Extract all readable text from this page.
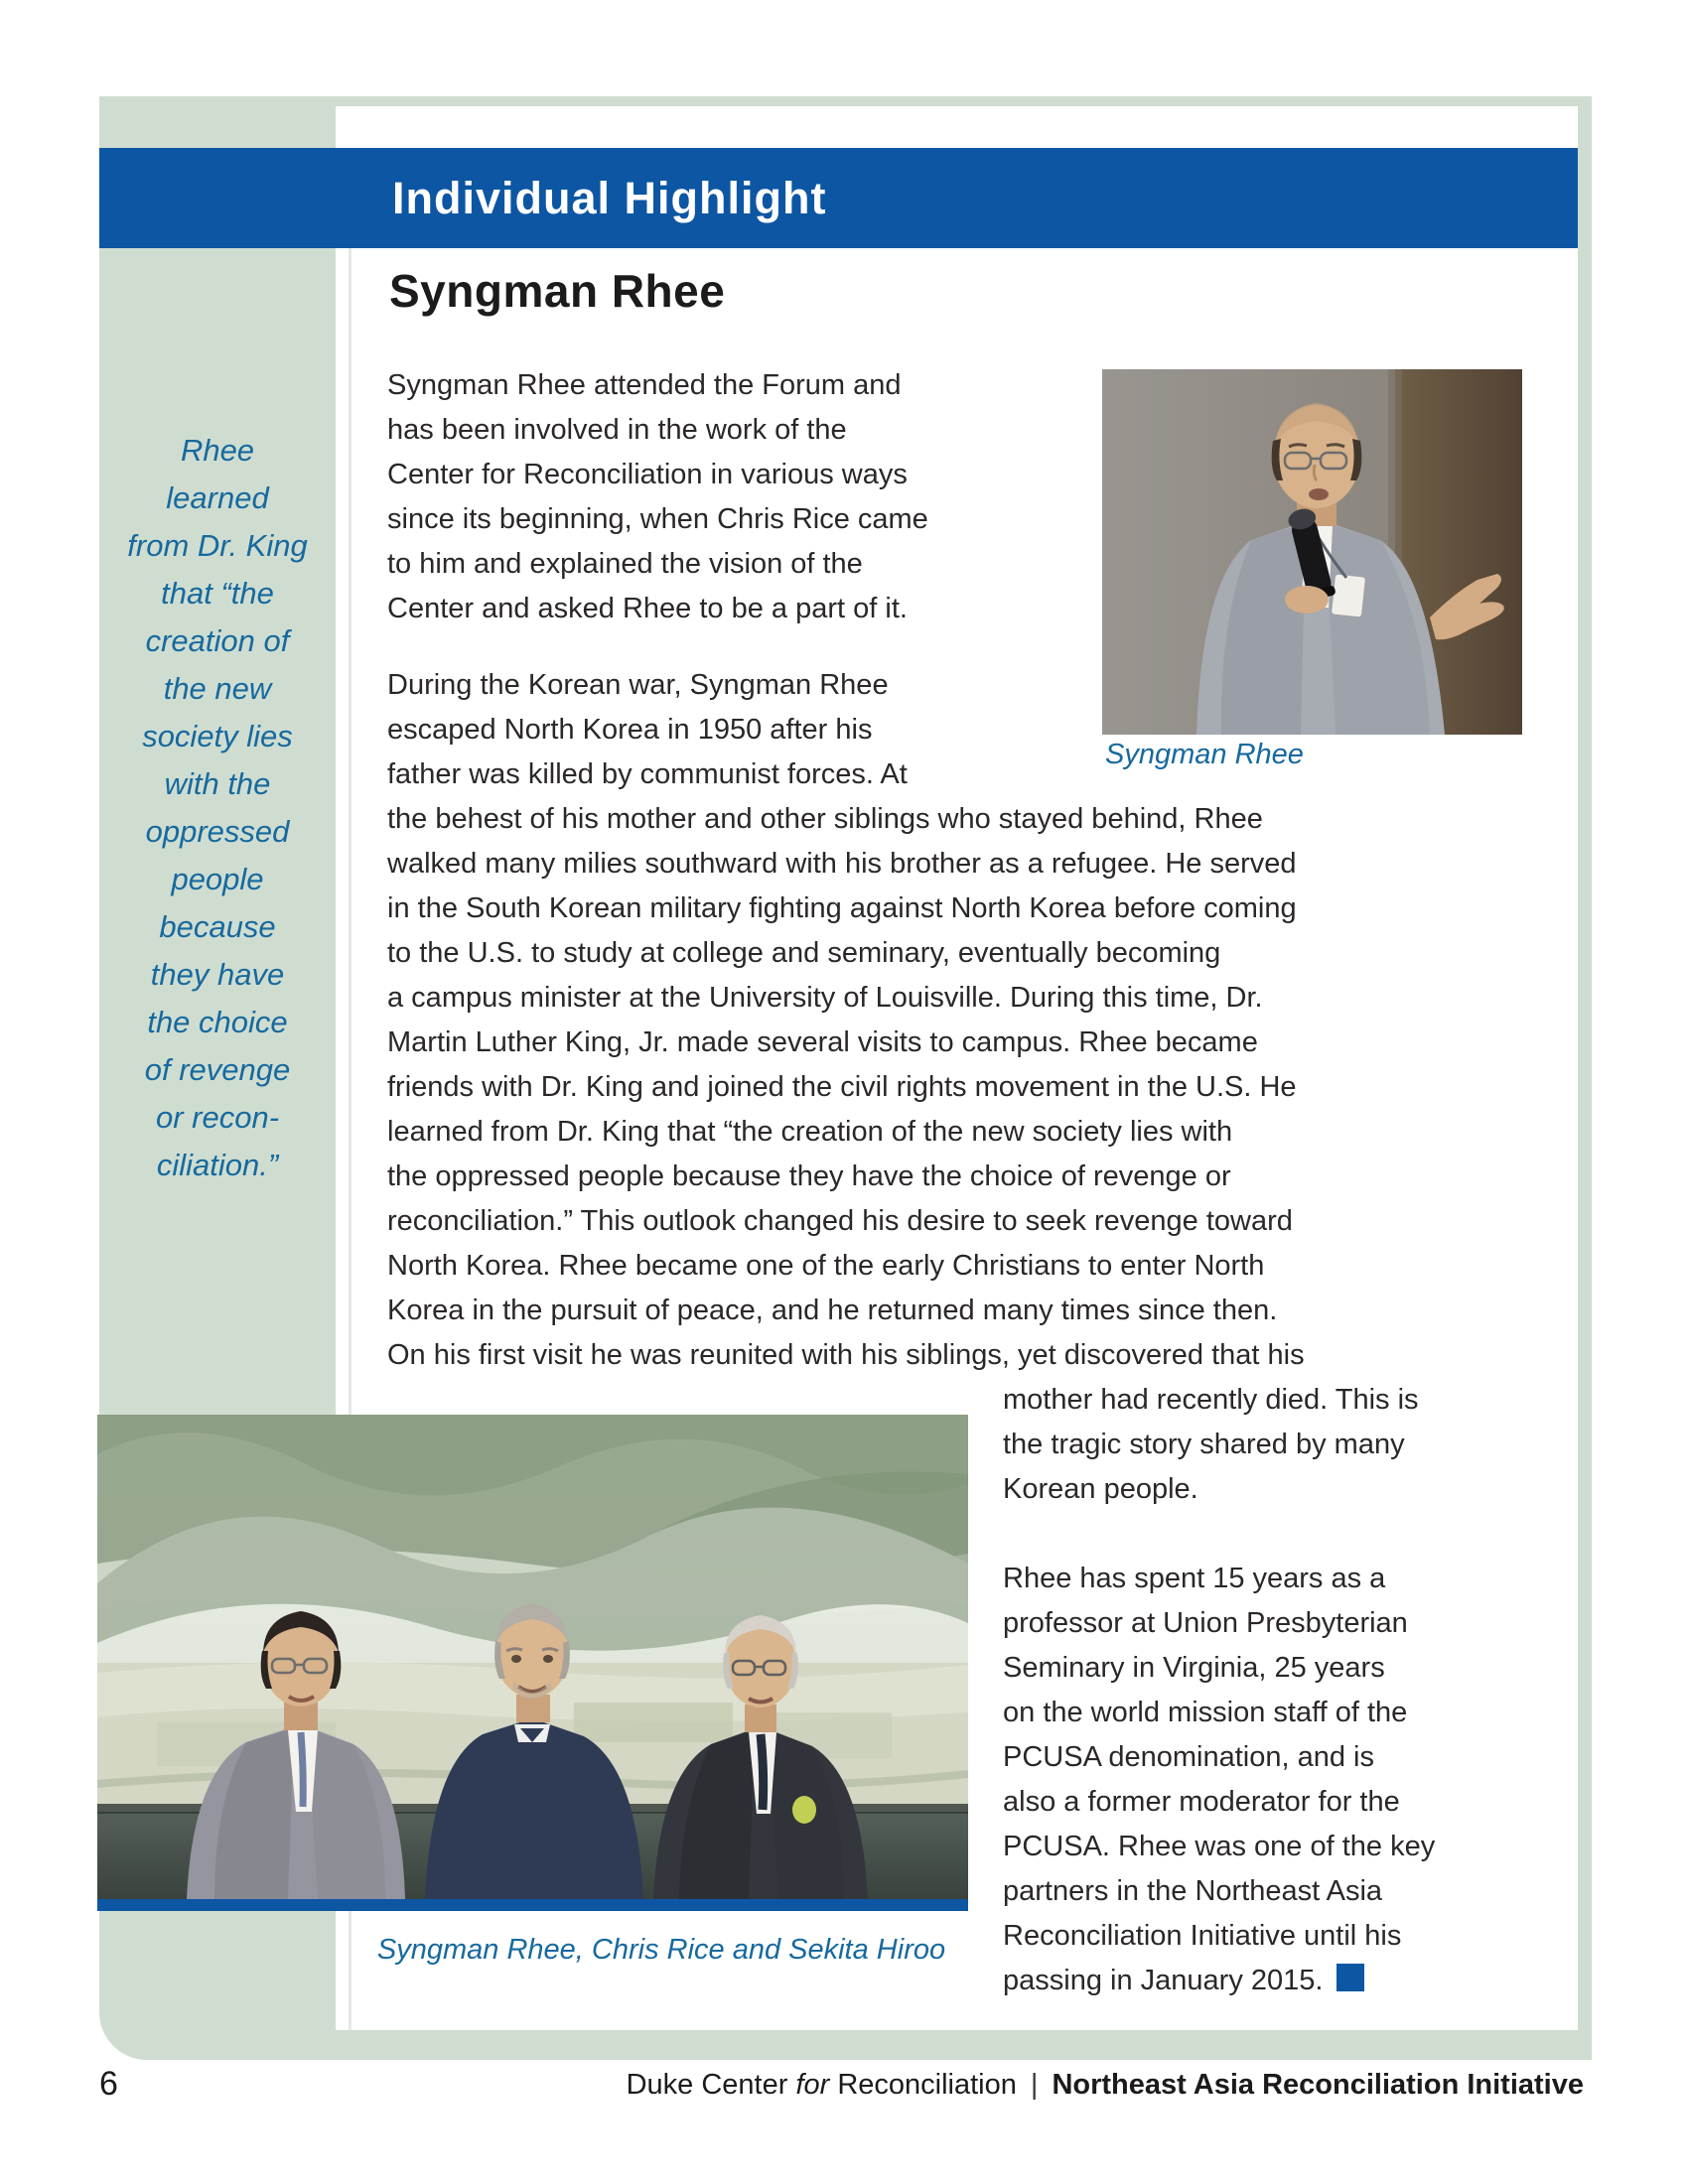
Individual Highlight
Syngman Rhee
Rhee
learned
from Dr. King
that “the
creation of
the new
society lies
with the
oppressed
people
because
they have
the choice
of revenge
or recon-
ciliation.”
Syngman Rhee attended the Forum and
has been involved in the work of the
Center for Reconciliation in various ways
since its beginning, when Chris Rice came
to him and explained the vision of the
Center and asked Rhee to be a part of it.
During the Korean war, Syngman Rhee
escaped North Korea in 1950 after his
father was killed by communist forces. At
the behest of his mother and other siblings who stayed behind, Rhee
walked many milies southward with his brother as a refugee. He served
in the South Korean military fighting against North Korea before coming
to the U.S. to study at college and seminary, eventually becoming
a campus minister at the University of Louisville. During this time, Dr.
Martin Luther King, Jr. made several visits to campus. Rhee became
friends with Dr. King and joined the civil rights movement in the U.S. He
learned from Dr. King that “the creation of the new society lies with
the oppressed people because they have the choice of revenge or
reconciliation.” This outlook changed his desire to seek revenge toward
North Korea. Rhee became one of the early Christians to enter North
Korea in the pursuit of peace, and he returned many times since then.
On his first visit he was reunited with his siblings, yet discovered that his
mother had recently died. This is
the tragic story shared by many
Korean people.
Rhee has spent 15 years as a
professor at Union Presbyterian
Seminary in Virginia, 25 years
on the world mission staff of the
PCUSA denomination, and is
also a former moderator for the
PCUSA. Rhee was one of the key
partners in the Northeast Asia
Reconciliation Initiative until his
passing in January 2015.
Syngman Rhee
Syngman Rhee, Chris Rice and Sekita Hiroo
6	Duke Center for Reconciliation | Northeast Asia Reconciliation Initiative
